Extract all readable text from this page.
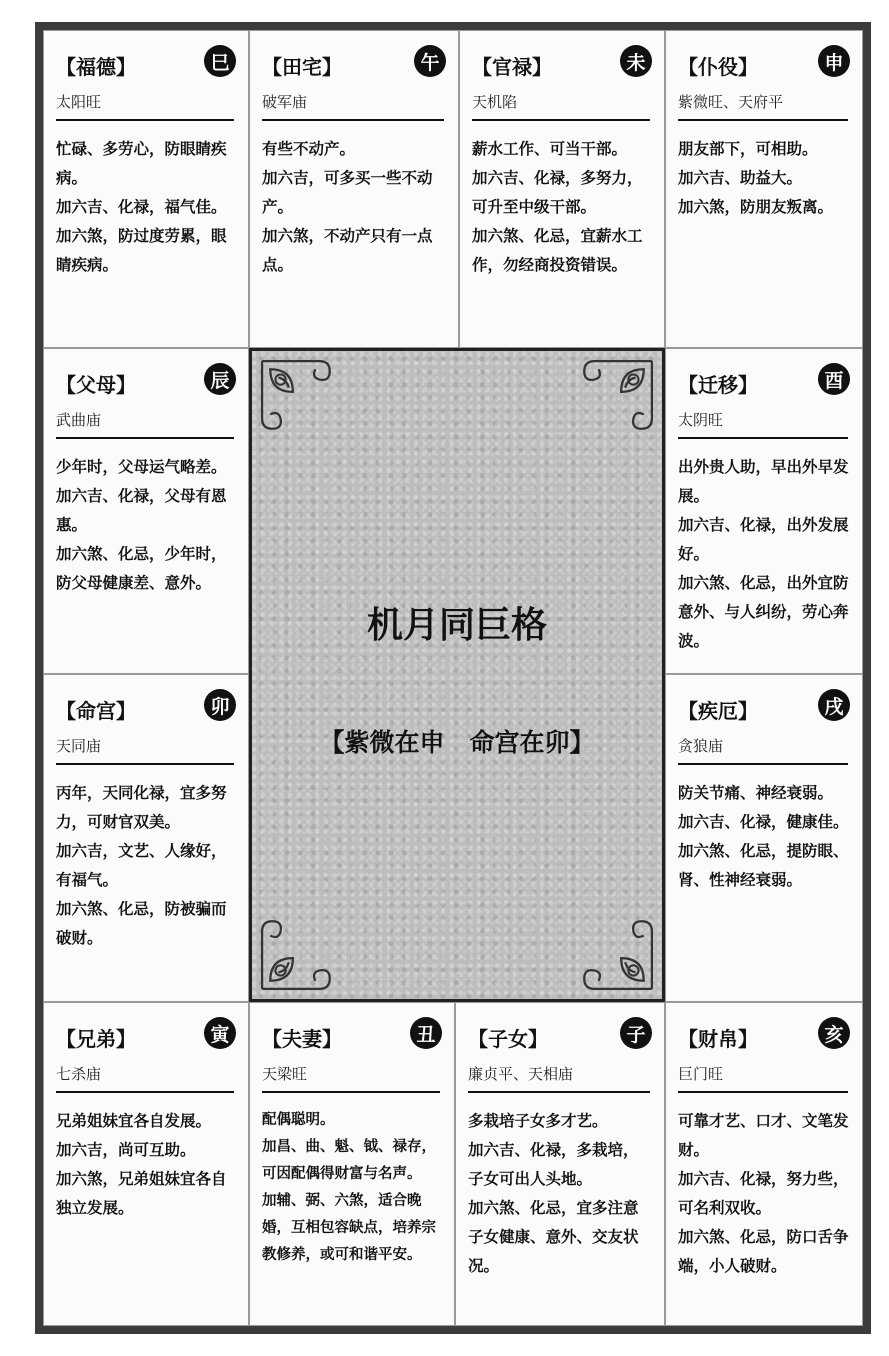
【福德】	巳
太阳旺

忙碌、多劳心，防眼睛疾病。

加六吉、化禄，福气佳。

加六煞，防过度劳累，眼睛疾病。

【田宅】	午
破军庙

有些不动产。

加六吉，可多买一些不动产。

加六煞，不动产只有一点点。

【官禄】	未
天机陷

薪水工作、可当干部。

加六吉、化禄，多努力，可升至中级干部。

加六煞、化忌，宜薪水工作，勿经商投资错误。

【仆役】	申
紫微旺、天府平

朋友部下，可相助。

加六吉、助益大。

加六煞，防朋友叛离。

【父母】	辰
武曲庙

少年时，父母运气略差。

加六吉、化禄，父母有恩惠。

加六煞、化忌，少年时，防父母健康差、意外。

【命宫】	卯
天同庙

丙年，天同化禄，宜多努力，可财官双美。

加六吉，文艺、人缘好，有福气。

加六煞、化忌，防被骗而破财。

【迁移】	酉
太阴旺

出外贵人助，早出外早发展。

加六吉、化禄，出外发展好。

加六煞、化忌，出外宜防意外、与人纠纷，劳心奔波。

【疾厄】	戌
贪狼庙

防关节痛、神经衰弱。

加六吉、化禄，健康佳。

加六煞、化忌，提防眼、肾、性神经衰弱。

机月同巨格
【紫微在申　命宫在卯】
【兄弟】	寅
七杀庙

兄弟姐妹宜各自发展。

加六吉，尚可互助。

加六煞，兄弟姐妹宜各自独立发展。

【夫妻】	丑
天梁旺

配偶聪明。

加昌、曲、魁、钺、禄存，可因配偶得财富与名声。

加辅、弼、六煞，适合晚婚，互相包容缺点，培养宗教修养，或可和谐平安。

【子女】	子
廉贞平、天相庙

多栽培子女多才艺。

加六吉、化禄，多栽培，子女可出人头地。

加六煞、化忌，宜多注意子女健康、意外、交友状况。

【财帛】	亥
巨门旺

可靠才艺、口才、文笔发财。

加六吉、化禄，努力些，可名利双收。

加六煞、化忌，防口舌争端，小人破财。
